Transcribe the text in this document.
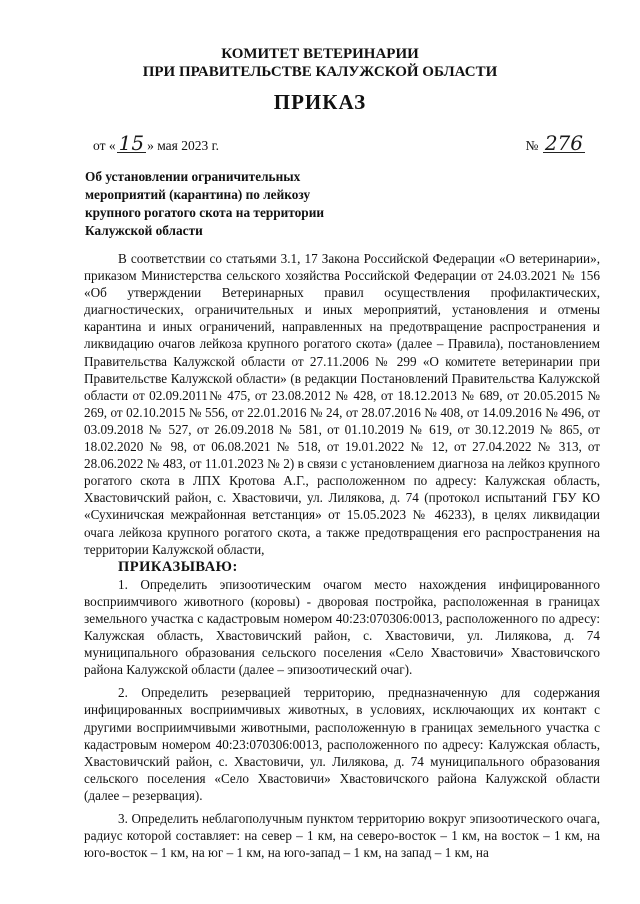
КОМИТЕТ ВЕТЕРИНАРИИ
ПРИ ПРАВИТЕЛЬСТВЕ КАЛУЖСКОЙ ОБЛАСТИ
ПРИКАЗ
от « 15 » мая 2023 г.	№ 276
Об установлении ограничительных
мероприятий (карантина) по лейкозу
крупного рогатого скота на территории
Калужской области

В соответствии со статьями 3.1, 17 Закона Российской Федерации «О ветеринарии», приказом Министерства сельского хозяйства Российской Федерации от 24.03.2021 № 156 «Об утверждении Ветеринарных правил осуществления профилактических, диагностических, ограничительных и иных мероприятий, установления и отмены карантина и иных ограничений, направленных на предотвращение распространения и ликвидацию очагов лейкоза крупного рогатого скота» (далее – Правила), постановлением Правительства Калужской области от 27.11.2006 № 299 «О комитете ветеринарии при Правительстве Калужской области» (в редакции Постановлений Правительства Калужской области от 02.09.2011№ 475, от 23.08.2012 № 428, от 18.12.2013 № 689, от 20.05.2015 № 269, от 02.10.2015 № 556, от 22.01.2016 № 24, от 28.07.2016 № 408, от 14.09.2016 № 496, от 03.09.2018 № 527, от 26.09.2018 № 581, от 01.10.2019 № 619, от 30.12.2019 № 865, от 18.02.2020 № 98, от 06.08.2021 № 518, от 19.01.2022 № 12, от 27.04.2022 № 313, от 28.06.2022 № 483, от 11.01.2023 № 2) в связи с установлением диагноза на лейкоз крупного рогатого скота в ЛПХ Кротова А.Г., расположенном по адресу: Калужская область, Хвастовичский район, с. Хвастовичи, ул. Лилякова, д. 74 (протокол испытаний ГБУ КО «Сухиничская межрайонная ветстанция» от 15.05.2023 № 46233), в целях ликвидации очага лейкоза крупного рогатого скота, а также предотвращения его распространения на территории Калужской области,

ПРИКАЗЫВАЮ:

1. Определить эпизоотическим очагом место нахождения инфицированного восприимчивого животного (коровы) - дворовая постройка, расположенная в границах земельного участка с кадастровым номером 40:23:070306:0013, расположенного по адресу: Калужская область, Хвастовичский район, с. Хвастовичи, ул. Лилякова, д. 74 муниципального образования сельского поселения «Село Хвастовичи» Хвастовичского района Калужской области (далее – эпизоотический очаг).

2. Определить резервацией территорию, предназначенную для содержания инфицированных восприимчивых животных, в условиях, исключающих их контакт с другими восприимчивыми животными, расположенную в границах земельного участка с кадастровым номером 40:23:070306:0013, расположенного по адресу: Калужская область, Хвастовичский район, с. Хвастовичи, ул. Лилякова, д. 74 муниципального образования сельского поселения «Село Хвастовичи» Хвастовичского района Калужской области (далее – резервация).

3. Определить неблагополучным пунктом территорию вокруг эпизоотического очага, радиус которой составляет: на север – 1 км, на северо-восток – 1 км, на восток – 1 км, на юго-восток – 1 км, на юг – 1 км, на юго-запад – 1 км, на запад – 1 км, на
